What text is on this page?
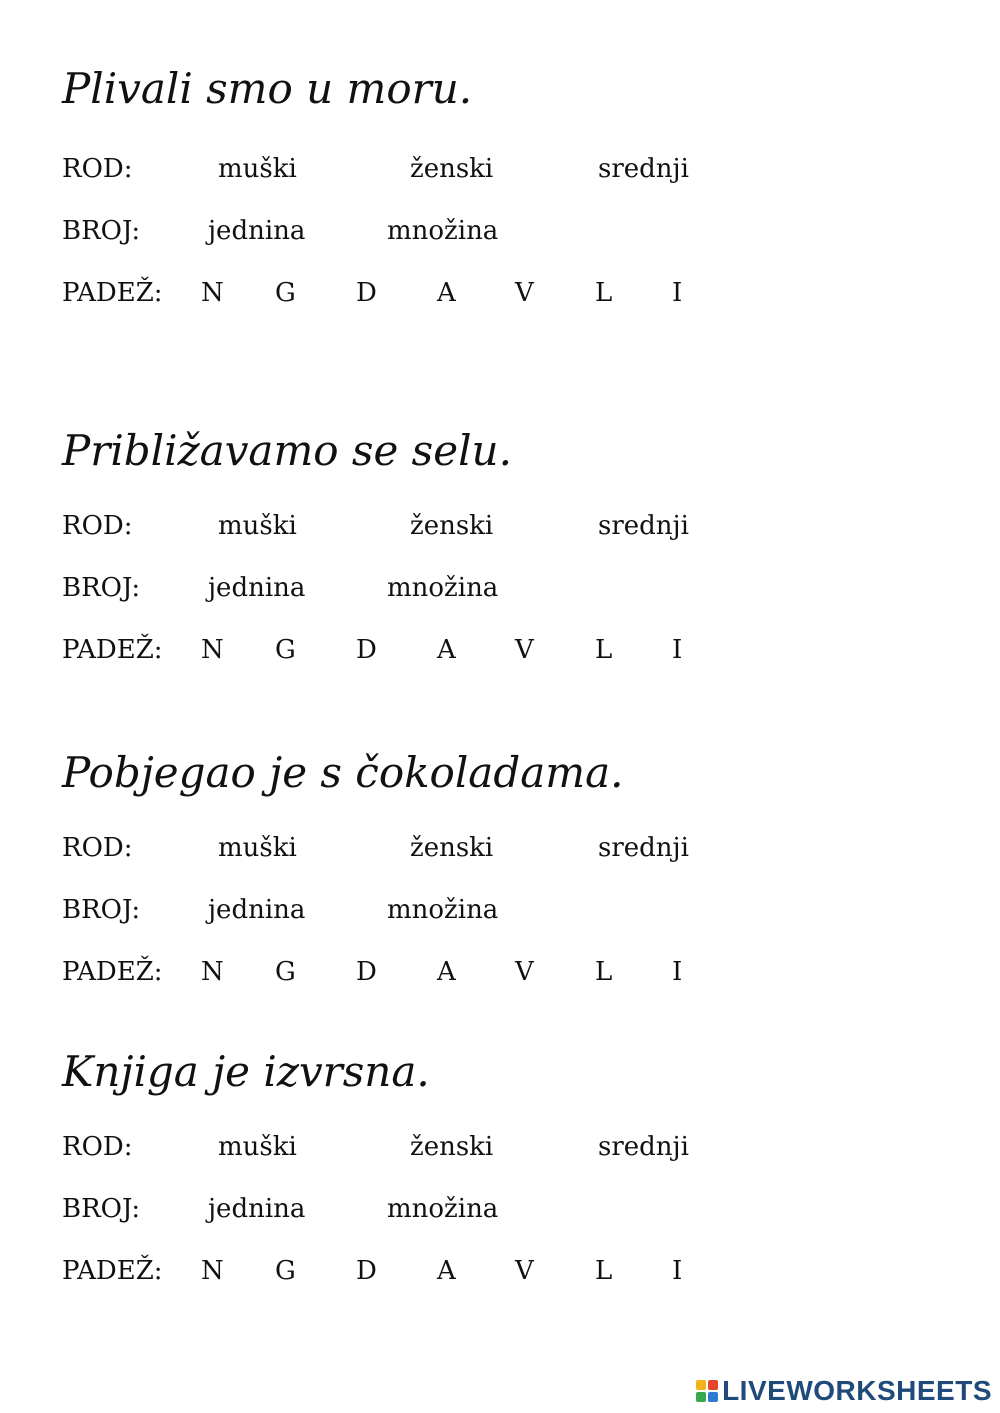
Plivali smo u moru.
ROD:	muški	ženski	srednji
BROJ:	jednina	množina
PADEŽ: N G D A V L I
Približavamo se selu.
ROD:	muški	ženski	srednji
BROJ:	jednina	množina
PADEŽ: N G D A V L I
Pobjegao je s čokoladama.
ROD:	muški	ženski	srednji
BROJ:	jednina	množina
PADEŽ: N G D A V L I
Knjiga je izvrsna.
ROD:	muški	ženski	srednji
BROJ:	jednina	množina
PADEŽ: N G D A V L I
LIVEWORKSHEETS
